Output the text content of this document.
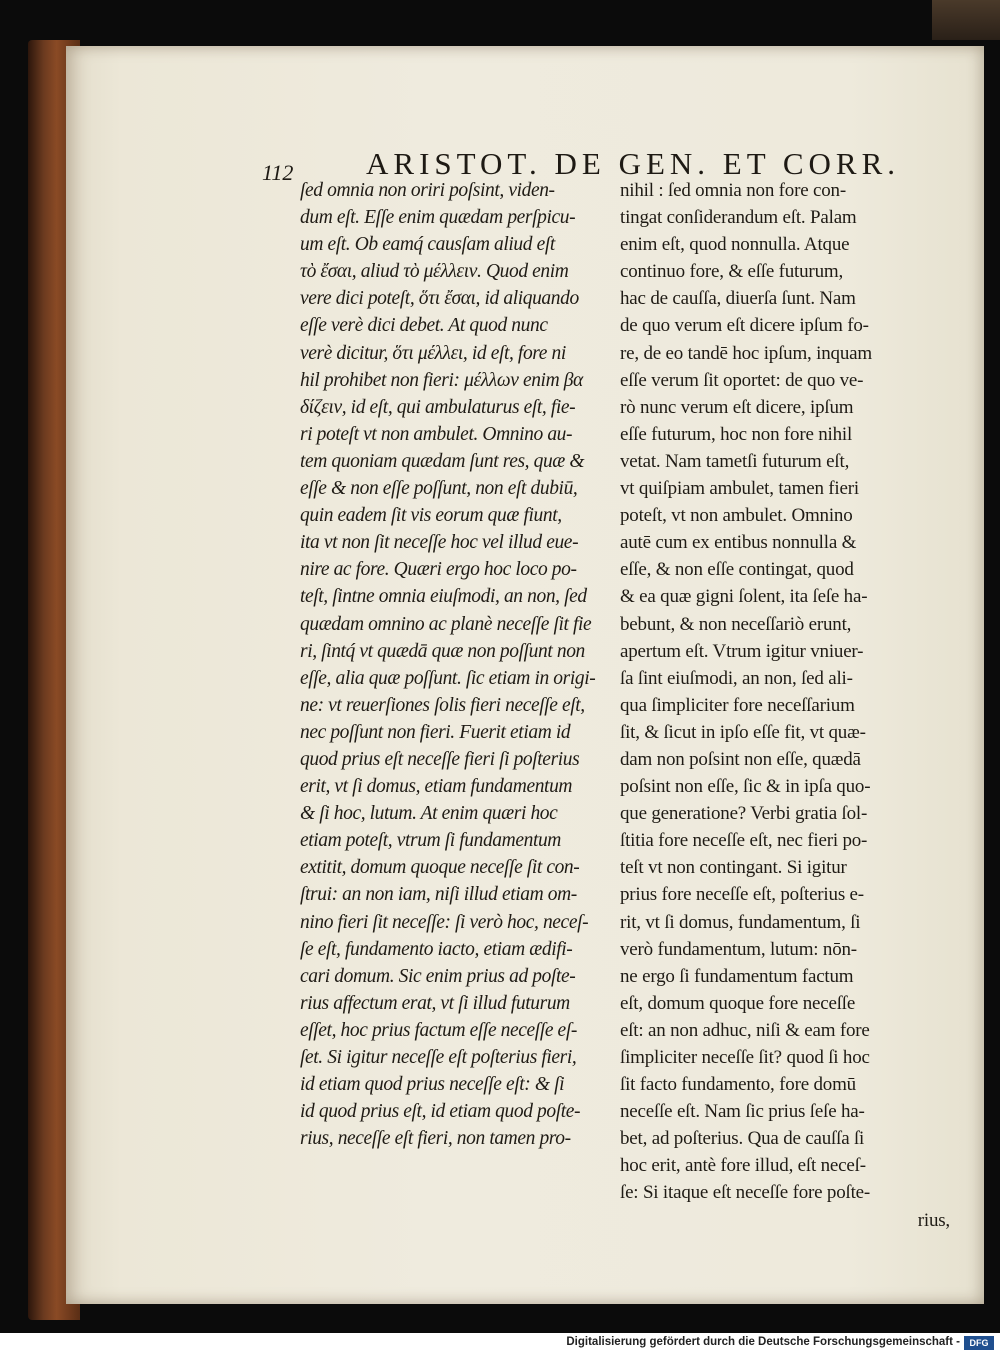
112 ARISTOT. DE GEN. ET CORR.
ſed omnia non oriri poſsint, viden-
dum eſt. Eſſe enim quædam perſpicu-
um eſt. Ob eamq́ causſam aliud eſt
τὸ ἔσαι, aliud τὸ μέλλειν. Quod enim
vere dici poteſt, ὅτι ἔσαι, id aliquando
eſſe verè dici debet. At quod nunc
verè dicitur, ὅτι μέλλει, id eſt, fore ni
hil prohibet non fieri: μέλλων enim βα
δίζειν, id eſt, qui ambulaturus eſt, fie-
ri poteſt vt non ambulet. Omnino au-
tem quoniam quædam ſunt res, quæ &
eſſe & non eſſe poſſunt, non eſt dubiū,
quin eadem ſit vis eorum quæ fiunt,
ita vt non ſit neceſſe hoc vel illud eue-
nire ac fore. Quæri ergo hoc loco po-
teſt, ſintne omnia eiuſmodi, an non, ſed
quædam omnino ac planè neceſſe ſit fie
ri, ſintq́ vt quædā quæ non poſſunt non
eſſe, alia quæ poſſunt. ſic etiam in origi-
ne: vt reuerſiones ſolis fieri neceſſe eſt,
nec poſſunt non fieri. Fuerit etiam id
quod prius eſt neceſſe fieri ſi poſterius
erit, vt ſi domus, etiam fundamentum
& ſi hoc, lutum. At enim quæri hoc
etiam poteſt, vtrum ſi fundamentum
extitit, domum quoque neceſſe ſit con-
ſtrui: an non iam, niſi illud etiam om-
nino fieri ſit neceſſe: ſi verò hoc, neceſ-
ſe eſt, fundamento iacto, etiam ædifi-
cari domum. Sic enim prius ad poſte-
rius affectum erat, vt ſi illud futurum
eſſet, hoc prius factum eſſe neceſſe eſ-
ſet. Si igitur neceſſe eſt poſterius fieri,
id etiam quod prius neceſſe eſt: & ſi
id quod prius eſt, id etiam quod poſte-
rius, neceſſe eſt fieri, non tamen pro-
nihil : ſed omnia non fore con-
tingat conſiderandum eſt. Palam
enim eſt, quod nonnulla. Atque
continuo fore, & eſſe futurum,
hac de cauſſa, diuerſa ſunt. Nam
de quo verum eſt dicere ipſum fo-
re, de eo tandē hoc ipſum, inquam
eſſe verum ſit oportet: de quo ve-
rò nunc verum eſt dicere, ipſum
eſſe futurum, hoc non fore nihil
vetat. Nam tametſi futurum eſt,
vt quiſpiam ambulet, tamen fieri
poteſt, vt non ambulet. Omnino
autē cum ex entibus nonnulla &
eſſe, & non eſſe contingat, quod
& ea quæ gigni ſolent, ita ſeſe ha-
bebunt, & non neceſſariò erunt,
apertum eſt. Vtrum igitur vniuer-
ſa ſint eiuſmodi, an non, ſed ali-
qua ſimpliciter fore neceſſarium
ſit, & ſicut in ipſo eſſe fit, vt quæ-
dam non poſsint non eſſe, quædā
poſsint non eſſe, ſic & in ipſa quo-
que generatione? Verbi gratia ſol-
ſtitia fore neceſſe eſt, nec fieri po-
teſt vt non contingant. Si igitur
prius fore neceſſe eſt, poſterius e-
rit, vt ſi domus, fundamentum, ſi
verò fundamentum, lutum: nōn-
ne ergo ſi fundamentum factum
eſt, domum quoque fore neceſſe
eſt: an non adhuc, niſi & eam fore
ſimpliciter neceſſe ſit? quod ſi hoc
ſit facto fundamento, fore domū
neceſſe eſt. Nam ſic prius ſeſe ha-
bet, ad poſterius. Qua de cauſſa ſi
hoc erit, antè fore illud, eſt neceſ-
ſe: Si itaque eſt neceſſe fore poſte-
rius,
Digitalisierung gefördert durch die Deutsche Forschungsgemeinschaft -	DFG
